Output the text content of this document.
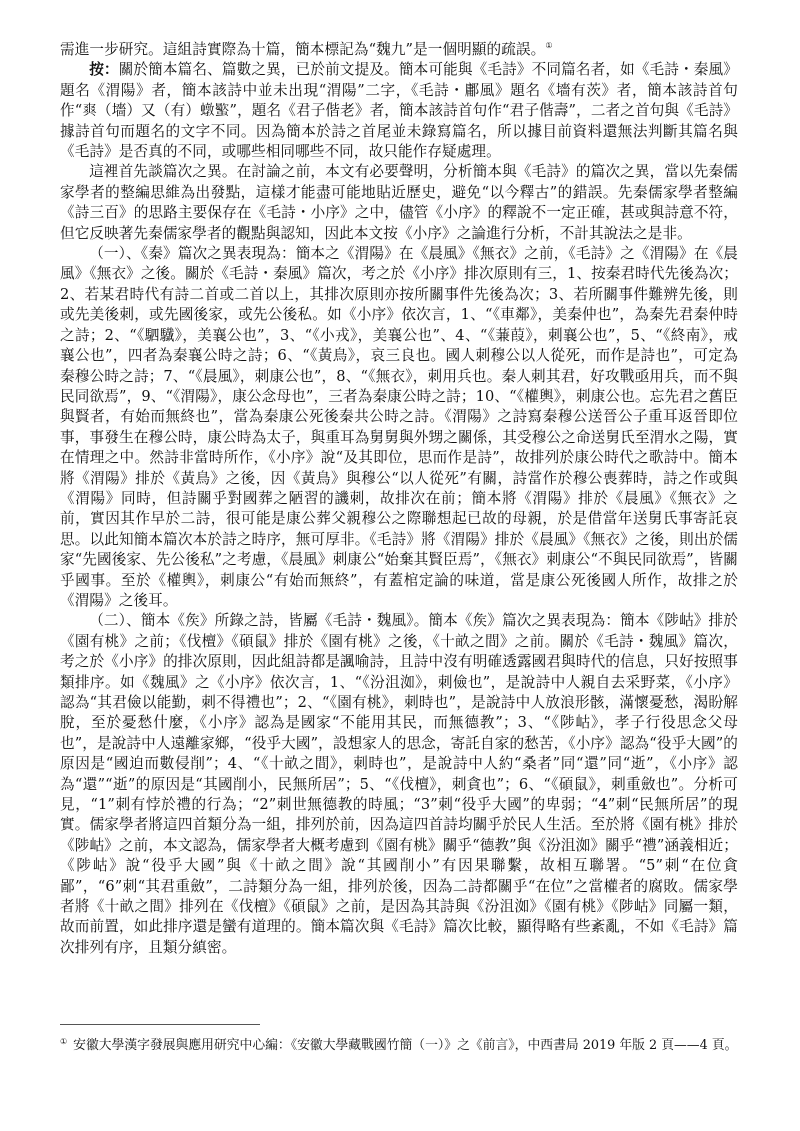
需進一步研究。這組詩實際為十篇，簡本標記為“魏九”是一個明顯的疏誤。①

按：關於簡本篇名、篇數之異，已於前文提及。簡本可能與《毛詩》不同篇名者，如《毛詩・秦風》題名《渭陽》者，簡本該詩中並未出現“渭陽”二字，《毛詩・鄘風》題名《墻有茨》者，簡本該詩首句作“𤕤（墻）又（有）𧑒𧓃”，題名《君子偕老》者，簡本該詩首句作“君子偕壽”，二者之首句與《毛詩》據詩首句而題名的文字不同。因為簡本於詩之首尾並未錄寫篇名，所以據目前資料還無法判斷其篇名與《毛詩》是否真的不同，或哪些相同哪些不同，故只能作存疑處理。

這裡首先談篇次之異。在討論之前，本文有必要聲明，分析簡本與《毛詩》的篇次之異，當以先秦儒家學者的整編思維為出發點，這樣才能盡可能地貼近歷史，避免“以今釋古”的錯誤。先秦儒家學者整編《詩三百》的思路主要保存在《毛詩・小序》之中，儘管《小序》的釋說不一定正確，甚或與詩意不符，但它反映著先秦儒家學者的觀點與認知，因此本文按《小序》之論進行分析，不計其說法之是非。

（一）、《秦》篇次之異表現為：簡本之《渭陽》在《晨風》《無衣》之前，《毛詩》之《渭陽》在《晨風》《無衣》之後。關於《毛詩・秦風》篇次，考之於《小序》排次原則有三，1、按秦君時代先後為次；2、若某君時代有詩二首或二首以上，其排次原則亦按所關事件先後為次；3、若所關事件難辨先後，則或先美後刺，或先國後家，或先公後私。如《小序》依次言，1、“《車鄰》，美秦仲也”，為秦先君秦仲時之詩；2、“《駟驖》，美襄公也”，3、“《小戎》，美襄公也”、4、“《蒹葭》，刺襄公也”，5、“《終南》，戒襄公也”，四者為秦襄公時之詩；6、“《黃鳥》，哀三良也。國人刺穆公以人從死，而作是詩也”，可定為秦穆公時之詩；7、“《晨風》，刺康公也”，8、“《無衣》，刺用兵也。秦人刺其君，好攻戰亟用兵，而不與民同欲焉”，9、“《渭陽》，康公念母也”，三者為秦康公時之詩；10、“《權輿》，刺康公也。忘先君之舊臣與賢者，有始而無終也”，當為秦康公死後秦共公時之詩。《渭陽》之詩寫秦穆公送晉公子重耳返晉即位事，事發生在穆公時，康公時為太子，與重耳為舅舅與外甥之關係，其受穆公之命送舅氏至渭水之陽，實在情理之中。然詩非當時所作，《小序》說“及其即位，思而作是詩”，故排列於康公時代之歌詩中。簡本將《渭陽》排於《黃鳥》之後，因《黃鳥》與穆公“以人從死”有關，詩當作於穆公喪葬時，詩之作或與《渭陽》同時，但詩關乎對國葬之陋習的譏刺，故排次在前；簡本將《渭陽》排於《晨風》《無衣》之前，實因其作早於二詩，很可能是康公葬父親穆公之際聯想起已故的母親，於是借當年送舅氏事寄託哀思。以此知簡本篇次本於詩之時序，無可厚非。《毛詩》將《渭陽》排於《晨風》《無衣》之後，則出於儒家“先國後家、先公後私”之考慮，《晨風》刺康公“始棄其賢臣焉”，《無衣》刺康公“不與民同欲焉”，皆關乎國事。至於《權輿》，刺康公“有始而無終”，有蓋棺定論的味道，當是康公死後國人所作，故排之於《渭陽》之後耳。

（二）、簡本《矦》所錄之詩，皆屬《毛詩・魏風》。簡本《矦》篇次之異表現為：簡本《陟岵》排於《園有桃》之前；《伐檀》《碩鼠》排於《園有桃》之後，《十畝之間》之前。關於《毛詩・魏風》篇次，考之於《小序》的排次原則，因此組詩都是諷喻詩，且詩中沒有明確透露國君與時代的信息，只好按照事類排序。如《魏風》之《小序》依次言，1、“《汾沮洳》，刺儉也”，是說詩中人親自去采野菜，《小序》認為“其君儉以能勤，刺不得禮也”；2、“《園有桃》，刺時也”，是說詩中人放浪形骸，滿懷憂愁，渴盼解脫，至於憂愁什麼，《小序》認為是國家“不能用其民，而無德教”；3、“《陟岵》，孝子行役思念父母也”，是說詩中人遠離家鄉，“役乎大國”，設想家人的思念，寄託自家的愁苦，《小序》認為“役乎大國”的原因是“國迫而數侵削”；4、“《十畝之間》，刺時也”，是說詩中人約“桑者”同“還”同“逝”，《小序》認為“還”“逝”的原因是“其國削小，民無所居”；5、“《伐檀》，刺貪也”；6、“《碩鼠》，刺重斂也”。分析可見，“1”刺有悖於禮的行為；“2”刺世無德教的時風；“3”刺“役乎大國”的卑弱；“4”刺“民無所居”的現實。儒家學者將這四首類分為一組，排列於前，因為這四首詩均關乎於民人生活。至於將《園有桃》排於《陟岵》之前，本文認為，儒家學者大概考慮到《園有桃》關乎“德教”與《汾沮洳》關乎“禮”涵義相近；《陟岵》說“役乎大國”與《十畝之間》說“其國削小”有因果聯繫，故相互聯署。“5”刺“在位貪鄙”，“6”刺“其君重斂”，二詩類分為一組，排列於後，因為二詩都關乎“在位”之當權者的腐敗。儒家學者將《十畝之間》排列在《伐檀》《碩鼠》之前，是因為其詩與《汾沮洳》《園有桃》《陟岵》同屬一類，故而前置，如此排序還是蠻有道理的。簡本篇次與《毛詩》篇次比較，顯得略有些紊亂，不如《毛詩》篇次排列有序，且類分縝密。

① 安徽大學漢字發展與應用研究中心編：《安徽大學藏戰國竹簡（一）》之《前言》，中西書局 2019 年版 2 頁——4 頁。
